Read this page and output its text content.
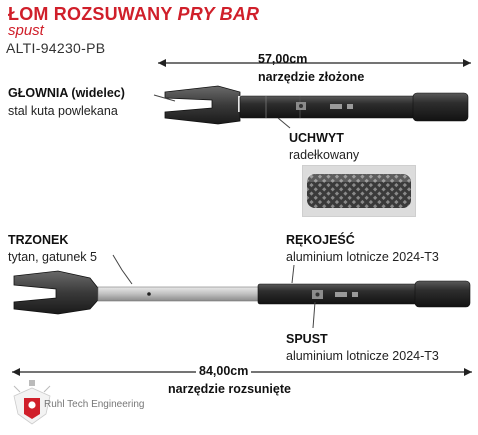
ŁOM ROZSUWANY PRY BAR
spust
ALTI-94230-PB
57,00cm
narzędzie złożone
GŁOWNIA (widelec)
stal kuta powlekana
UCHWYT
radełkowany
TRZONEK
tytan, gatunek 5
RĘKOJEŚĆ
aluminium lotnicze 2024-T3
SPUST
aluminium lotnicze 2024-T3
84,00cm
narzędzie rozsunięte
Ruhl Tech Engineering
